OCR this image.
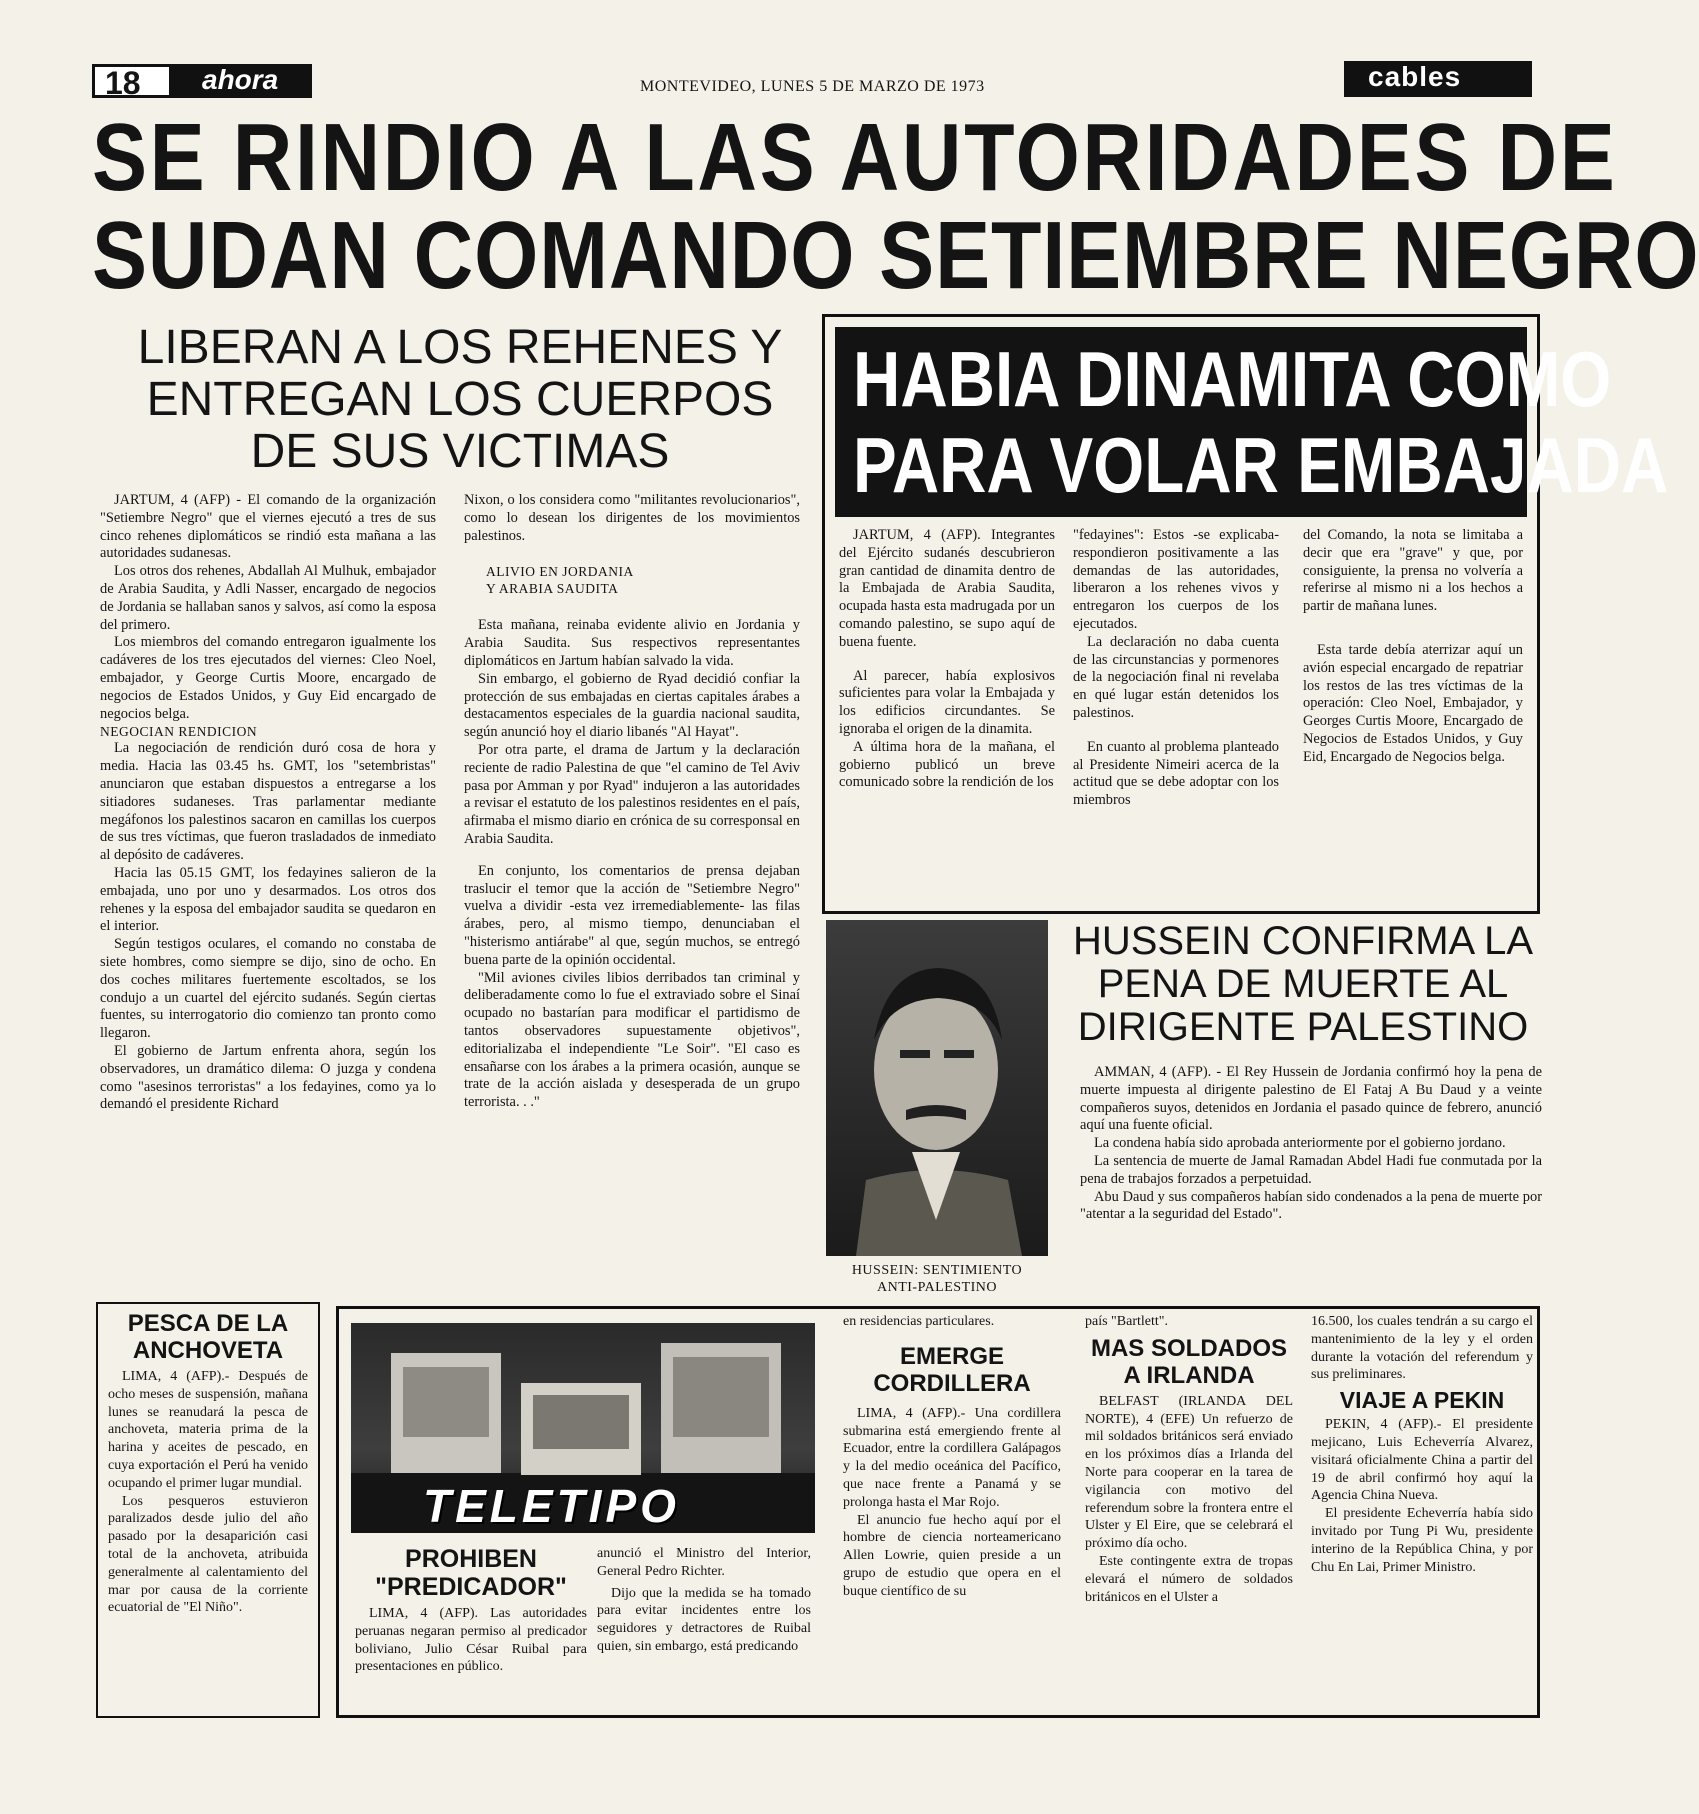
18 ahora	MONTEVIDEO, LUNES 5 DE MARZO DE 1973	cables
SE RINDIO A LAS AUTORIDADES DE
SUDAN COMANDO SETIEMBRE NEGRO
LIBERAN A LOS REHENES Y
ENTREGAN LOS CUERPOS
DE SUS VICTIMAS

JARTUM, 4 (AFP) - El comando de la organización "Setiembre Negro" que el viernes ejecutó a tres de sus cinco rehenes diplomáticos se rindió esta mañana a las autoridades sudanesas.

Los otros dos rehenes, Abdallah Al Mulhuk, embajador de Arabia Saudita, y Adli Nasser, encargado de negocios de Jordania se hallaban sanos y salvos, así como la esposa del primero.

Los miembros del comando entregaron igualmente los cadáveres de los tres ejecutados del viernes: Cleo Noel, embajador, y George Curtis Moore, encargado de negocios de Estados Unidos, y Guy Eid encargado de negocios belga.

NEGOCIAN RENDICION

La negociación de rendición duró cosa de hora y media. Hacia las 03.45 hs. GMT, los "setembristas" anunciaron que estaban dispuestos a entregarse a los sitiadores sudaneses. Tras parlamentar mediante megáfonos los palestinos sacaron en camillas los cuerpos de sus tres víctimas, que fueron trasladados de inmediato al depósito de cadáveres.

Hacia las 05.15 GMT, los fedayines salieron de la embajada, uno por uno y desarmados. Los otros dos rehenes y la esposa del embajador saudita se quedaron en el interior.

Según testigos oculares, el comando no constaba de siete hombres, como siempre se dijo, sino de ocho. En dos coches militares fuertemente escoltados, se los condujo a un cuartel del ejército sudanés. Según ciertas fuentes, su interrogatorio dio comienzo tan pronto como llegaron.

El gobierno de Jartum enfrenta ahora, según los observadores, un dramático dilema: O juzga y condena como "asesinos terroristas" a los fedayines, como ya lo demandó el presidente Richard

Nixon, o los considera como "militantes revolucionarios", como lo desean los dirigentes de los movimientos palestinos.

ALIVIO EN JORDANIA
Y ARABIA SAUDITA

Esta mañana, reinaba evidente alivio en Jordania y Arabia Saudita. Sus respectivos representantes diplomáticos en Jartum habían salvado la vida.

Sin embargo, el gobierno de Ryad decidió confiar la protección de sus embajadas en ciertas capitales árabes a destacamentos especiales de la guardia nacional saudita, según anunció hoy el diario libanés "Al Hayat".

Por otra parte, el drama de Jartum y la declaración reciente de radio Palestina de que "el camino de Tel Aviv pasa por Amman y por Ryad" indujeron a las autoridades a revisar el estatuto de los palestinos residentes en el país, afirmaba el mismo diario en crónica de su corresponsal en Arabia Saudita.

En conjunto, los comentarios de prensa dejaban traslucir el temor que la acción de "Setiembre Negro" vuelva a dividir -esta vez irremediablemente- las filas árabes, pero, al mismo tiempo, denunciaban el "histerismo antiárabe" al que, según muchos, se entregó buena parte de la opinión occidental.

"Mil aviones civiles libios derribados tan criminal y deliberadamente como lo fue el extraviado sobre el Sinaí ocupado no bastarían para modificar el partidismo de tantos observadores supuestamente objetivos", editorializaba el independiente "Le Soir". "El caso es ensañarse con los árabes a la primera ocasión, aunque se trate de la acción aislada y desesperada de un grupo terrorista. . ."

HABIA DINAMITA COMO
PARA VOLAR EMBAJADA

JARTUM, 4 (AFP). Integrantes del Ejército sudanés descubrieron gran cantidad de dinamita dentro de la Embajada de Arabia Saudita, ocupada hasta esta madrugada por un comando palestino, se supo aquí de buena fuente.

Al parecer, había explosivos suficientes para volar la Embajada y los edificios circundantes. Se ignoraba el origen de la dinamita.

A última hora de la mañana, el gobierno publicó un breve comunicado sobre la rendición de los

"fedayines": Estos -se explicaba- respondieron positivamente a las demandas de las autoridades, liberaron a los rehenes vivos y entregaron los cuerpos de los ejecutados.

La declaración no daba cuenta de las circunstancias y pormenores de la negociación final ni revelaba en qué lugar están detenidos los palestinos.

En cuanto al problema planteado al Presidente Nimeiri acerca de la actitud que se debe adoptar con los miembros

del Comando, la nota se limitaba a decir que era "grave" y que, por consiguiente, la prensa no volvería a referirse al mismo ni a los hechos a partir de mañana lunes.

Esta tarde debía aterrizar aquí un avión especial encargado de repatriar los restos de las tres víctimas de la operación: Cleo Noel, Embajador, y Georges Curtis Moore, Encargado de Negocios de Estados Unidos, y Guy Eid, Encargado de Negocios belga.

HUSSEIN: SENTIMIENTO
ANTI-PALESTINO
HUSSEIN CONFIRMA LA
PENA DE MUERTE AL
DIRIGENTE PALESTINO

AMMAN, 4 (AFP). - El Rey Hussein de Jordania confirmó hoy la pena de muerte impuesta al dirigente palestino de El Fataj A Bu Daud y a veinte compañeros suyos, detenidos en Jordania el pasado quince de febrero, anunció aquí una fuente oficial.

La condena había sido aprobada anteriormente por el gobierno jordano.

La sentencia de muerte de Jamal Ramadan Abdel Hadi fue conmutada por la pena de trabajos forzados a perpetuidad.

Abu Daud y sus compañeros habían sido condenados a la pena de muerte por "atentar a la seguridad del Estado".

PESCA DE LA
ANCHOVETA

LIMA, 4 (AFP).- Después de ocho meses de suspensión, mañana lunes se reanudará la pesca de anchoveta, materia prima de la harina y aceites de pescado, en cuya exportación el Perú ha venido ocupando el primer lugar mundial.

Los pesqueros estuvieron paralizados desde julio del año pasado por la desaparición casi total de la anchoveta, atribuida generalmente al calentamiento del mar por causa de la corriente ecuatorial de "El Niño".

TELETIPO
PROHIBEN
"PREDICADOR"

LIMA, 4 (AFP). Las autoridades peruanas negaran permiso al predicador boliviano, Julio César Ruibal para presentaciones en público.

anunció el Ministro del Interior, General Pedro Richter.

Dijo que la medida se ha tomado para evitar incidentes entre los seguidores y detractores de Ruibal quien, sin embargo, está predicando

en residencias particulares.

EMERGE
CORDILLERA

LIMA, 4 (AFP).- Una cordillera submarina está emergiendo frente al Ecuador, entre la cordillera Galápagos y la del medio oceánica del Pacífico, que nace frente a Panamá y se prolonga hasta el Mar Rojo.

El anuncio fue hecho aquí por el hombre de ciencia norteamericano Allen Lowrie, quien preside a un grupo de estudio que opera en el buque científico de su

país "Bartlett".

MAS SOLDADOS
A IRLANDA

BELFAST (IRLANDA DEL NORTE), 4 (EFE) Un refuerzo de mil soldados británicos será enviado en los próximos días a Irlanda del Norte para cooperar en la tarea de vigilancia con motivo del referendum sobre la frontera entre el Ulster y El Eire, que se celebrará el próximo día ocho.

Este contingente extra de tropas elevará el número de soldados británicos en el Ulster a

16.500, los cuales tendrán a su cargo el mantenimiento de la ley y el orden durante la votación del referendum y sus preliminares.

VIAJE A PEKIN

PEKIN, 4 (AFP).- El presidente mejicano, Luis Echeverría Alvarez, visitará oficialmente China a partir del 19 de abril confirmó hoy aquí la Agencia China Nueva.

El presidente Echeverría había sido invitado por Tung Pi Wu, presidente interino de la República China, y por Chu En Lai, Primer Ministro.
